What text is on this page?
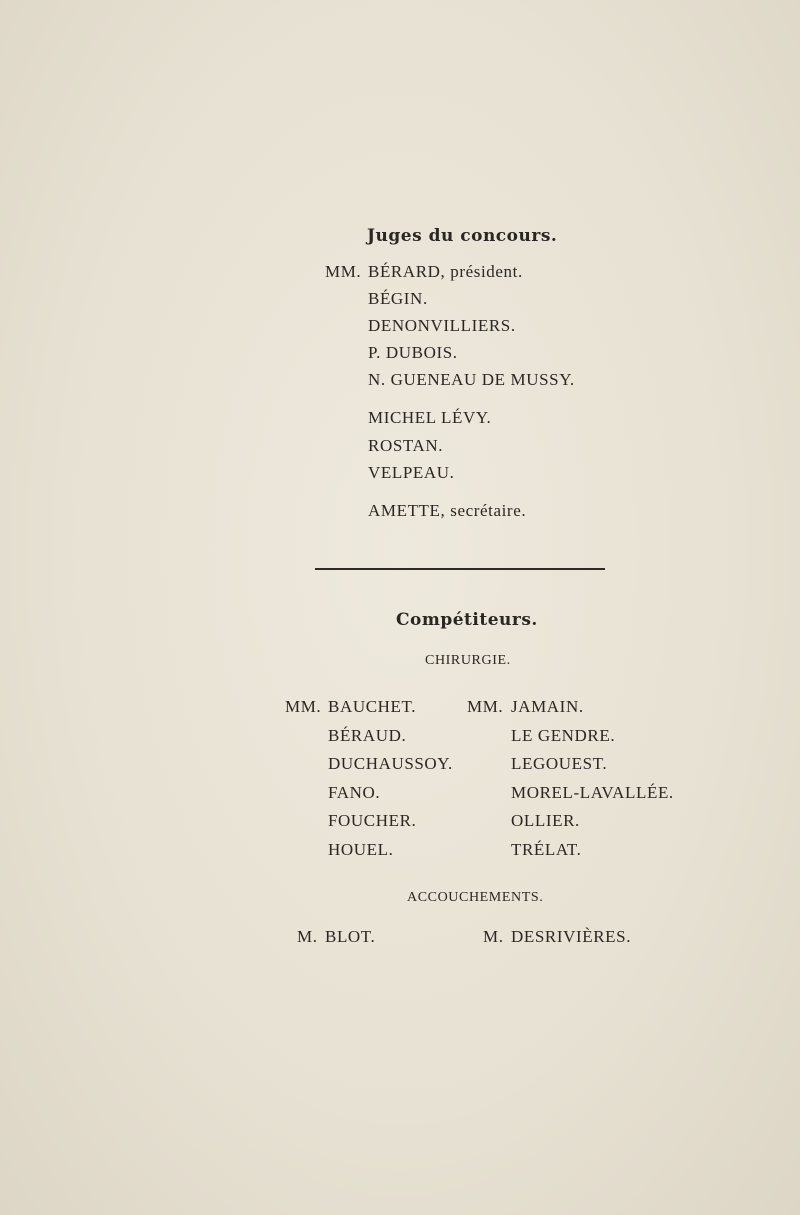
Juges du concours.
MM. BÉRARD, président.
BÉGIN.
DENONVILLIERS.
P. DUBOIS.
N. GUENEAU DE MUSSY.
MICHEL LÉVY.
ROSTAN.
VELPEAU.
AMETTE, secrétaire.
Compétiteurs.
CHIRURGIE.
MM. BAUCHET.
BÉRAUD.
DUCHAUSSOY.
FANO.
FOUCHER.
HOUEL.
MM. JAMAIN.
LE GENDRE.
LEGOUEST.
MOREL-LAVALLÉE.
OLLIER.
TRÉLAT.
ACCOUCHEMENTS.
M. BLOT.	M. DESRIVIÈRES.
